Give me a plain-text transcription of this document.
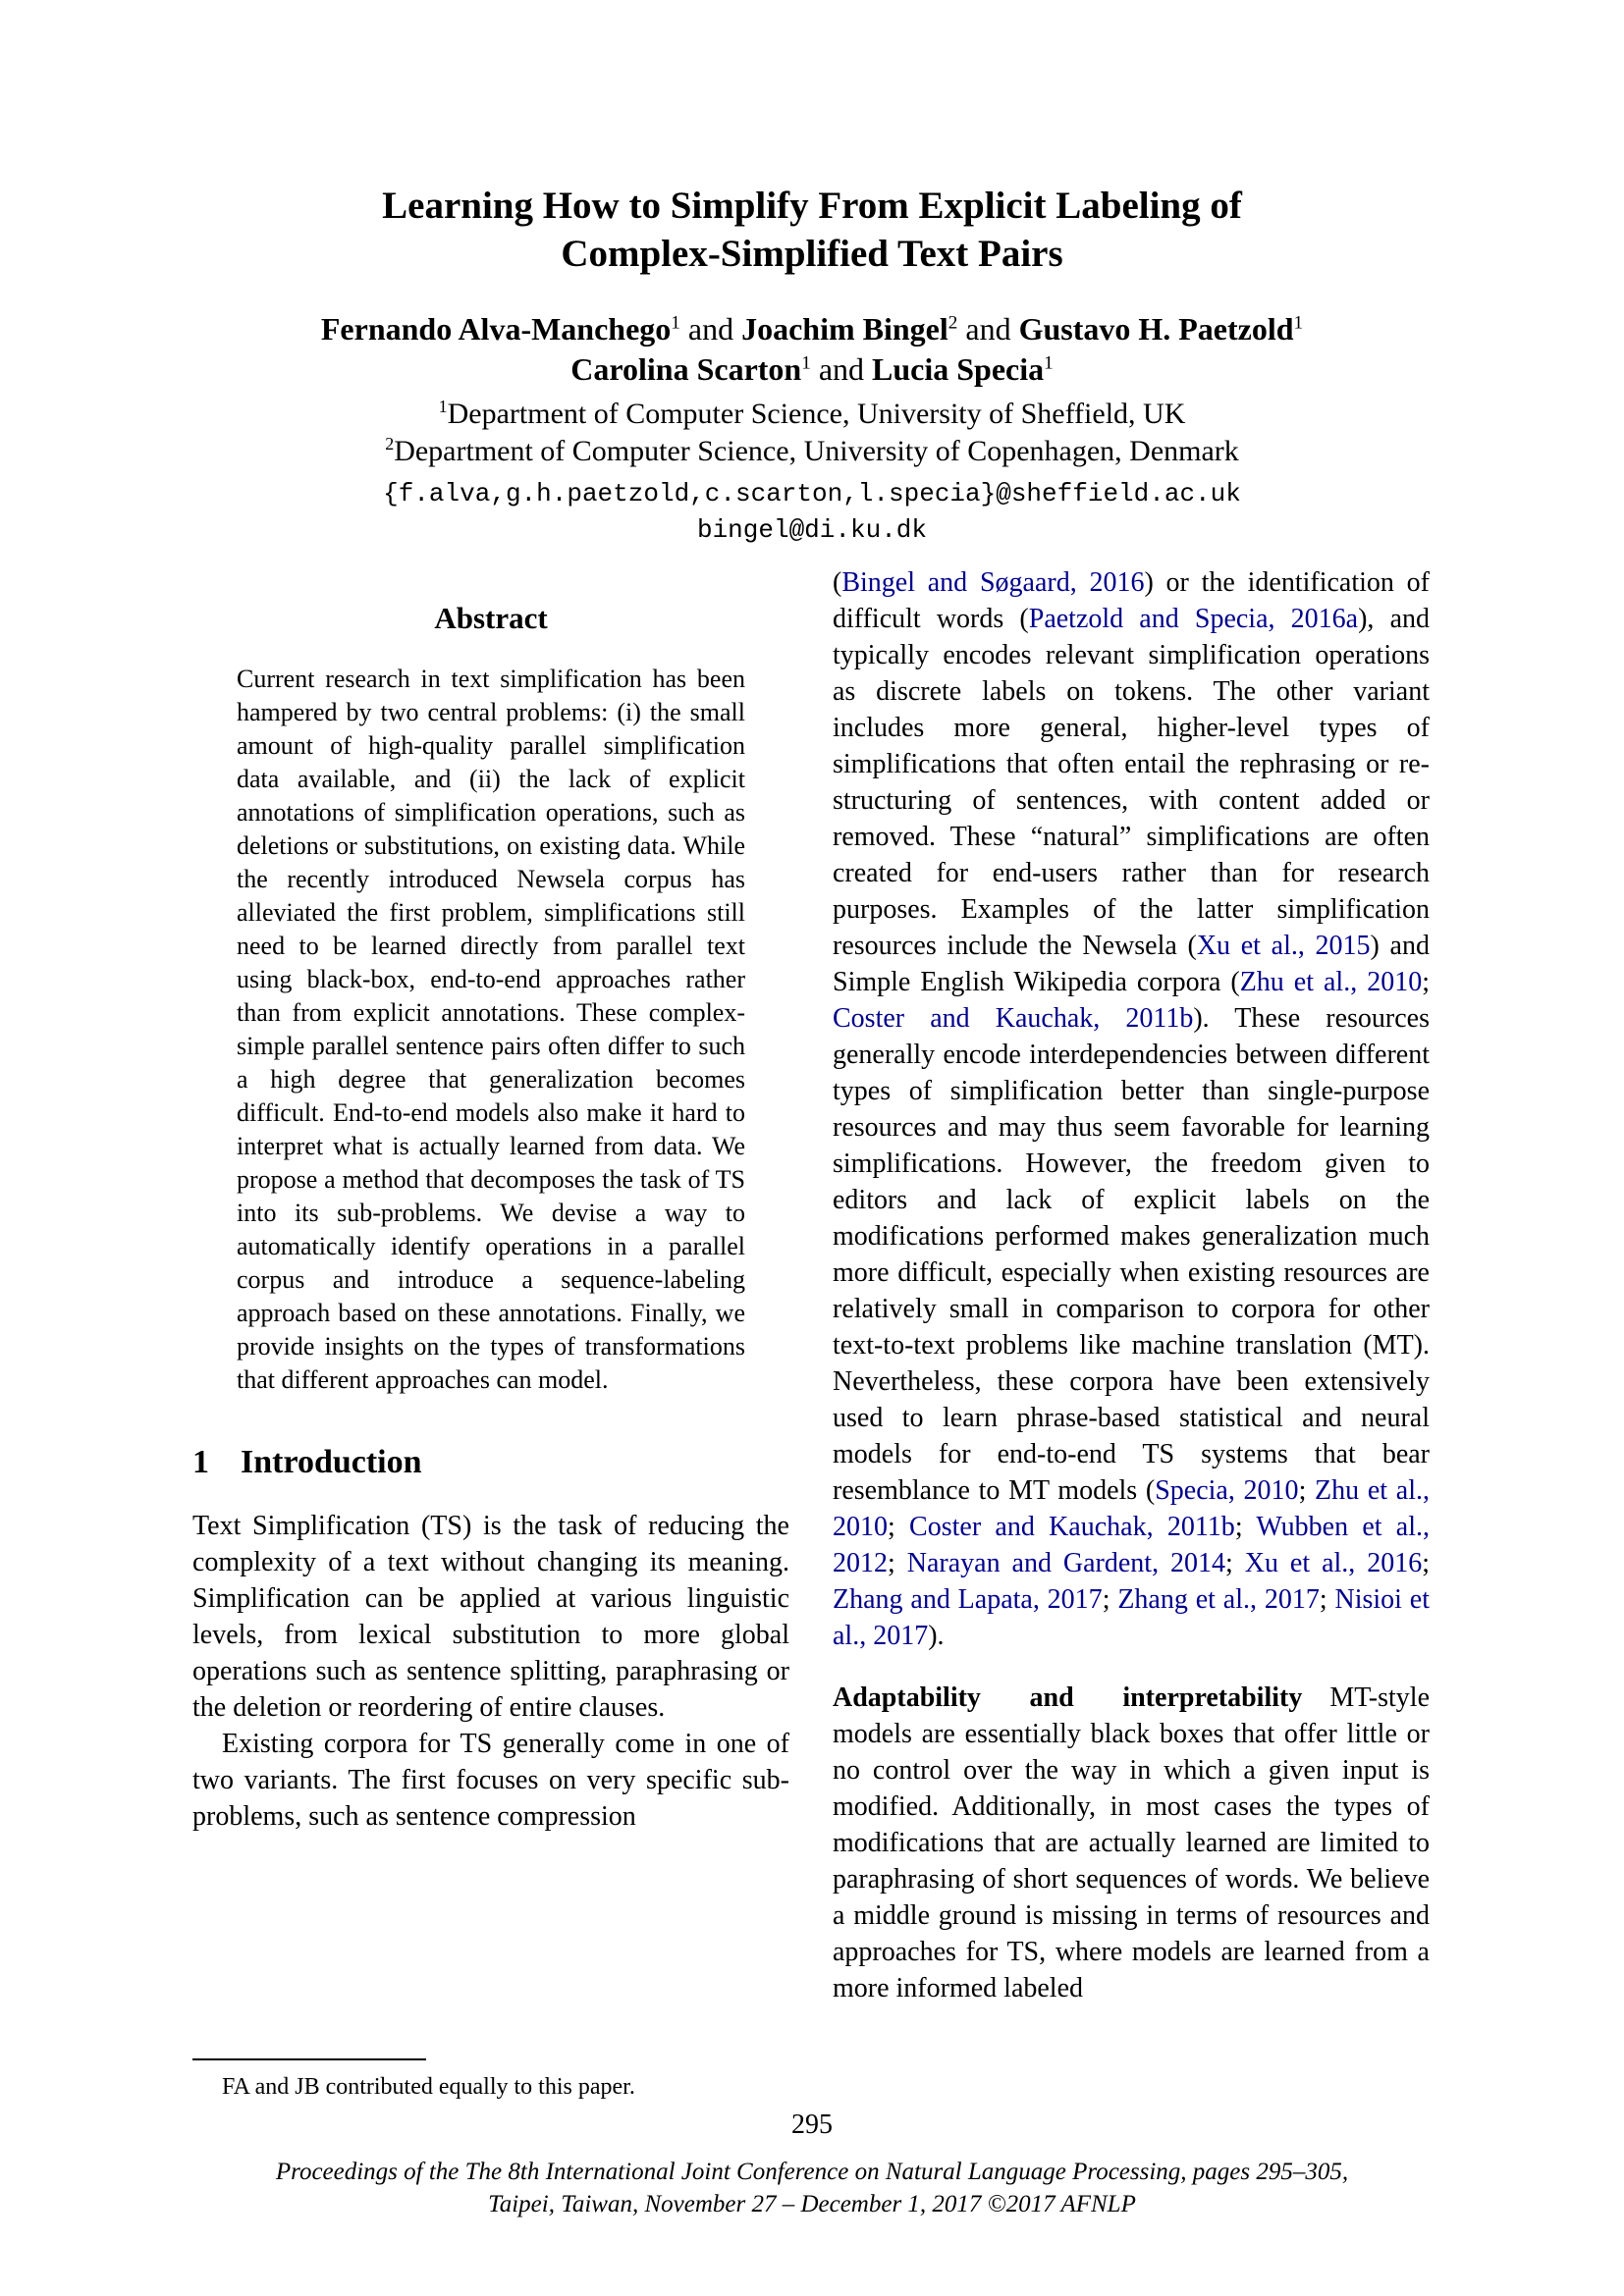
Learning How to Simplify From Explicit Labeling of
Complex-Simplified Text Pairs
Fernando Alva-Manchego$^1$ and Joachim Bingel$^2$ and Gustavo H. Paetzold$^1$
Carolina Scarton$^1$ and Lucia Specia$^1$
$^1$Department of Computer Science, University of Sheffield, UK
$^2$Department of Computer Science, University of Copenhagen, Denmark
{f.alva,g.h.paetzold,c.scarton,l.specia}@sheffield.ac.uk
bingel@di.ku.dk
Abstract

Current research in text simplification has been hampered by two central problems: (i) the small amount of high-quality parallel simplification data available, and (ii) the lack of explicit annotations of simplification operations, such as deletions or substitutions, on existing data. While the recently introduced Newsela corpus has alleviated the first problem, simplifications still need to be learned directly from parallel text using black-box, end-to-end approaches rather than from explicit annotations. These complex-simple parallel sentence pairs often differ to such a high degree that generalization becomes difficult. End-to-end models also make it hard to interpret what is actually learned from data. We propose a method that decomposes the task of TS into its sub-problems. We devise a way to automatically identify operations in a parallel corpus and introduce a sequence-labeling approach based on these annotations. Finally, we provide insights on the types of transformations that different approaches can model.

1 Introduction

Text Simplification (TS) is the task of reducing the complexity of a text without changing its meaning. Simplification can be applied at various linguistic levels, from lexical substitution to more global operations such as sentence splitting, paraphrasing or the deletion or reordering of entire clauses.

Existing corpora for TS generally come in one of two variants. The first focuses on very specific sub-problems, such as sentence compression

FA and JB contributed equally to this paper.

(Bingel and Søgaard, 2016) or the identification of difficult words (Paetzold and Specia, 2016a), and typically encodes relevant simplification operations as discrete labels on tokens. The other variant includes more general, higher-level types of simplifications that often entail the rephrasing or re-structuring of sentences, with content added or removed. These “natural” simplifications are often created for end-users rather than for research purposes. Examples of the latter simplification resources include the Newsela (Xu et al., 2015) and Simple English Wikipedia corpora (Zhu et al., 2010; Coster and Kauchak, 2011b). These resources generally encode interdependencies between different types of simplification better than single-purpose resources and may thus seem favorable for learning simplifications. However, the freedom given to editors and lack of explicit labels on the modifications performed makes generalization much more difficult, especially when existing resources are relatively small in comparison to corpora for other text-to-text problems like machine translation (MT). Nevertheless, these corpora have been extensively used to learn phrase-based statistical and neural models for end-to-end TS systems that bear resemblance to MT models (Specia, 2010; Zhu et al., 2010; Coster and Kauchak, 2011b; Wubben et al., 2012; Narayan and Gardent, 2014; Xu et al., 2016; Zhang and Lapata, 2017; Zhang et al., 2017; Nisioi et al., 2017).

Adaptability and interpretability MT-style models are essentially black boxes that offer little or no control over the way in which a given input is modified. Additionally, in most cases the types of modifications that are actually learned are limited to paraphrasing of short sequences of words. We believe a middle ground is missing in terms of resources and approaches for TS, where models are learned from a more informed labeled

295
Proceedings of the The 8th International Joint Conference on Natural Language Processing, pages 295–305,
Taipei, Taiwan, November 27 – December 1, 2017 ©2017 AFNLP
